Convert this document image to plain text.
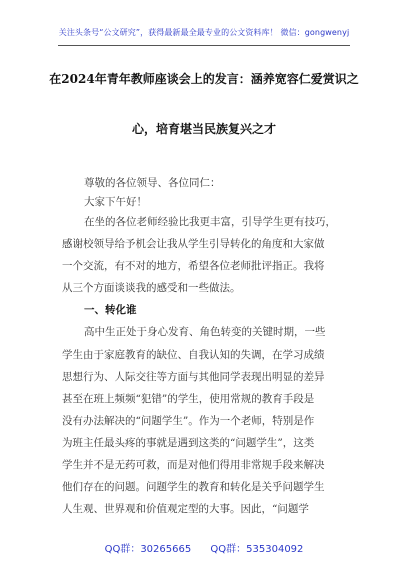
关注头条号“公文研究”，获得最新最全最专业的公文资料库！ 微信：gongwenyj
在2024年青年教师座谈会上的发言：涵养宽容仁爱赏识之
心，培育堪当民族复兴之才
尊敬的各位领导、各位同仁：
大家下午好！
在坐的各位老师经验比我更丰富，引导学生更有技巧，
感谢校领导给予机会让我从学生引导转化的角度和大家做
一个交流，有不对的地方，希望各位老师批评指正。我将
从三个方面谈谈我的感受和一些做法。
一、转化谁
高中生正处于身心发育、角色转变的关键时期，一些
学生由于家庭教育的缺位、自我认知的失调，在学习成绩
思想行为、人际交往等方面与其他同学表现出明显的差异
甚至在班上频频“犯错”的学生，使用常规的教育手段是
没有办法解决的“问题学生”。作为一个老师，特别是作
为班主任最头疼的事就是遇到这类的“问题学生”，这类
学生并不是无药可救，而是对他们得用非常规手段来解决
他们存在的问题。问题学生的教育和转化是关乎问题学生
人生观、世界观和价值观定型的大事。因此，“问题学
QQ群：30265665 QQ群：535304092
